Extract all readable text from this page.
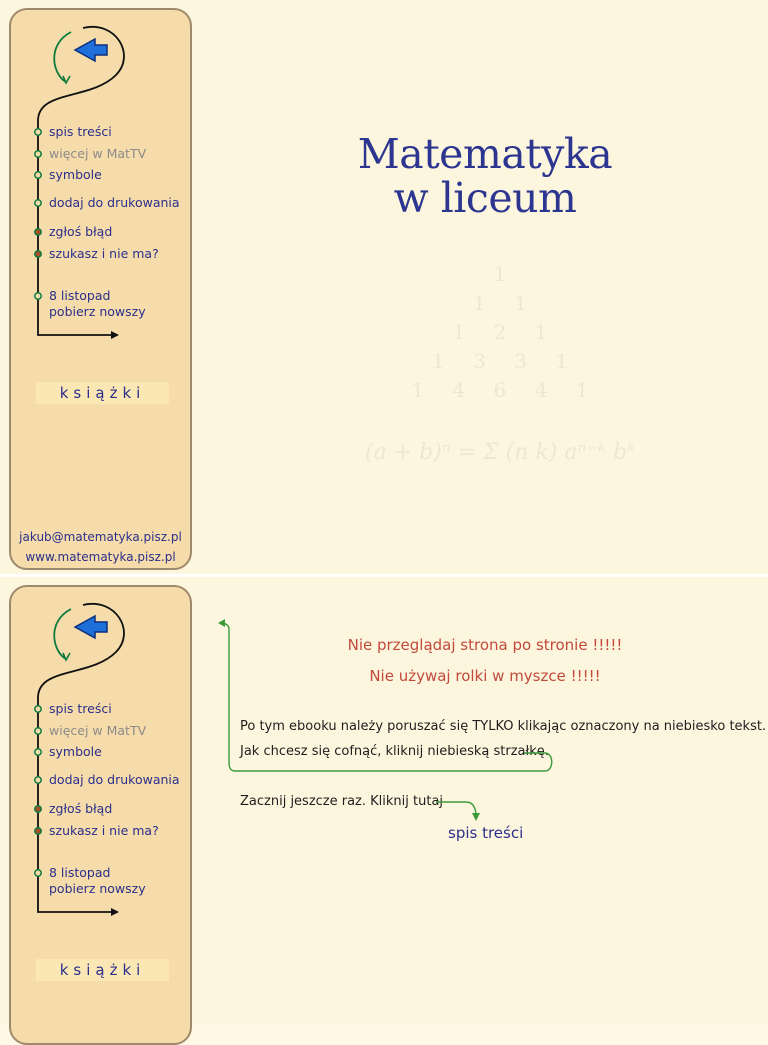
spis treści
więcej w MatTV
symbole
dodaj do drukowania
zgłoś błąd
szukasz i nie ma?
8 listopad
pobierz nowszy
książki
jakub@matematyka.pisz.pl
www.matematyka.pisz.pl
Matematyka
w liceum
1
1 1
1 2 1
1 3 3 1
1 4 6 4 1
(a + b)ⁿ = Σ (n k) aⁿ⁻ᵏ bᵏ
spis treści
więcej w MatTV
symbole
dodaj do drukowania
zgłoś błąd
szukasz i nie ma?
8 listopad
pobierz nowszy
książki
Nie przeglądaj strona po stronie !!!!!
Nie używaj rolki w myszce !!!!!
Po tym ebooku należy poruszać się TYLKO klikając oznaczony na niebiesko tekst.
Jak chcesz się cofnąć, kliknij niebieską strzałkę.
Zacznij jeszcze raz. Kliknij tutaj
spis treści
